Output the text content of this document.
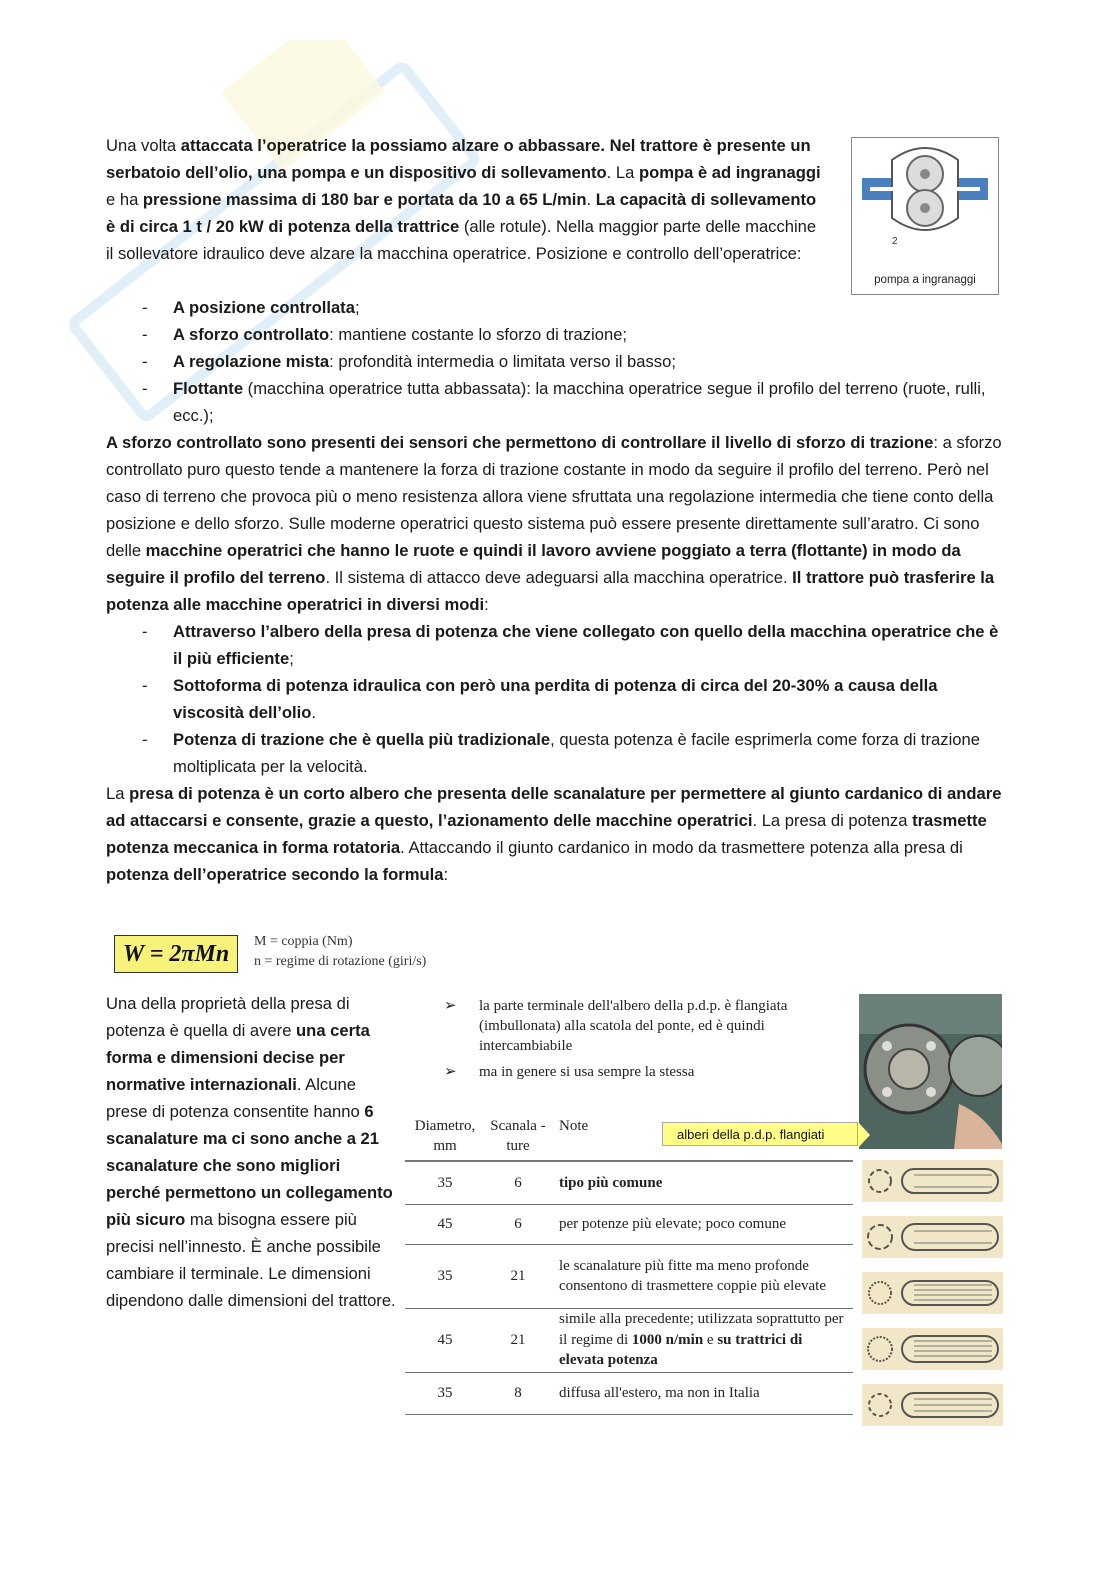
Una volta attaccata l’operatrice la possiamo alzare o abbassare. Nel trattore è presente un serbatoio dell’olio, una pompa e un dispositivo di sollevamento. La pompa è ad ingranaggi e ha pressione massima di 180 bar e portata da 10 a 65 L/min. La capacità di sollevamento è di circa 1 t / 20 kW di potenza della trattrice (alle rotule). Nella maggior parte delle macchine il sollevatore idraulico deve alzare la macchina operatrice. Posizione e controllo dell’operatrice:

- A posizione controllata;
- A sforzo controllato: mantiene costante lo sforzo di trazione;
- A regolazione mista: profondità intermedia o limitata verso il basso;
- Flottante (macchina operatrice tutta abbassata): la macchina operatrice segue il profilo del terreno (ruote, rulli, ecc.);

A sforzo controllato sono presenti dei sensori che permettono di controllare il livello di sforzo di trazione: a sforzo controllato puro questo tende a mantenere la forza di trazione costante in modo da seguire il profilo del terreno. Però nel caso di terreno che provoca più o meno resistenza allora viene sfruttata una regolazione intermedia che tiene conto della posizione e dello sforzo. Sulle moderne operatrici questo sistema può essere presente direttamente sull’aratro. Ci sono delle macchine operatrici che hanno le ruote e quindi il lavoro avviene poggiato a terra (flottante) in modo da seguire il profilo del terreno. Il sistema di attacco deve adeguarsi alla macchina operatrice. Il trattore può trasferire la potenza alle macchine operatrici in diversi modi:

- Attraverso l’albero della presa di potenza che viene collegato con quello della macchina operatrice che è il più efficiente;
- Sottoforma di potenza idraulica con però una perdita di potenza di circa del 20-30% a causa della viscosità dell’olio.
- Potenza di trazione che è quella più tradizionale, questa potenza è facile esprimerla come forza di trazione moltiplicata per la velocità.

La presa di potenza è un corto albero che presenta delle scanalature per permettere al giunto cardanico di andare ad attaccarsi e consente, grazie a questo, l’azionamento delle macchine operatrici. La presa di potenza trasmette potenza meccanica in forma rotatoria. Attaccando il giunto cardanico in modo da trasmettere potenza alla presa di potenza dell’operatrice secondo la formula:

2
pompa a ingranaggi
W = 2πMn	M = coppia (Nm)
n = regime di rotazione (giri/s)
Una della proprietà della presa di potenza è quella di avere una certa forma e dimensioni decise per normative internazionali. Alcune prese di potenza consentite hanno 6 scanalature ma ci sono anche a 21 scanalature che sono migliori perché permettono un collegamento più sicuro ma bisogna essere più precisi nell’innesto. È anche possibile cambiare il terminale. Le dimensioni dipendono dalle dimensioni del trattore.
➢ la parte terminale dell'albero della p.d.p. è flangiata (imbullonata) alla scatola del ponte, ed è quindi intercambiabile
➢ ma in genere si usa sempre la stessa
alberi della p.d.p. flangiati
Diametro, mm	Scanala -ture	Note
35	6	tipo più comune
45	6	per potenze più elevate; poco comune
35	21	le scanalature più fitte ma meno profonde consentono di trasmettere coppie più elevate
45	21	simile alla precedente; utilizzata soprattutto per il regime di 1000 n/min e su trattrici di elevata potenza
35	8	diffusa all'estero, ma non in Italia
